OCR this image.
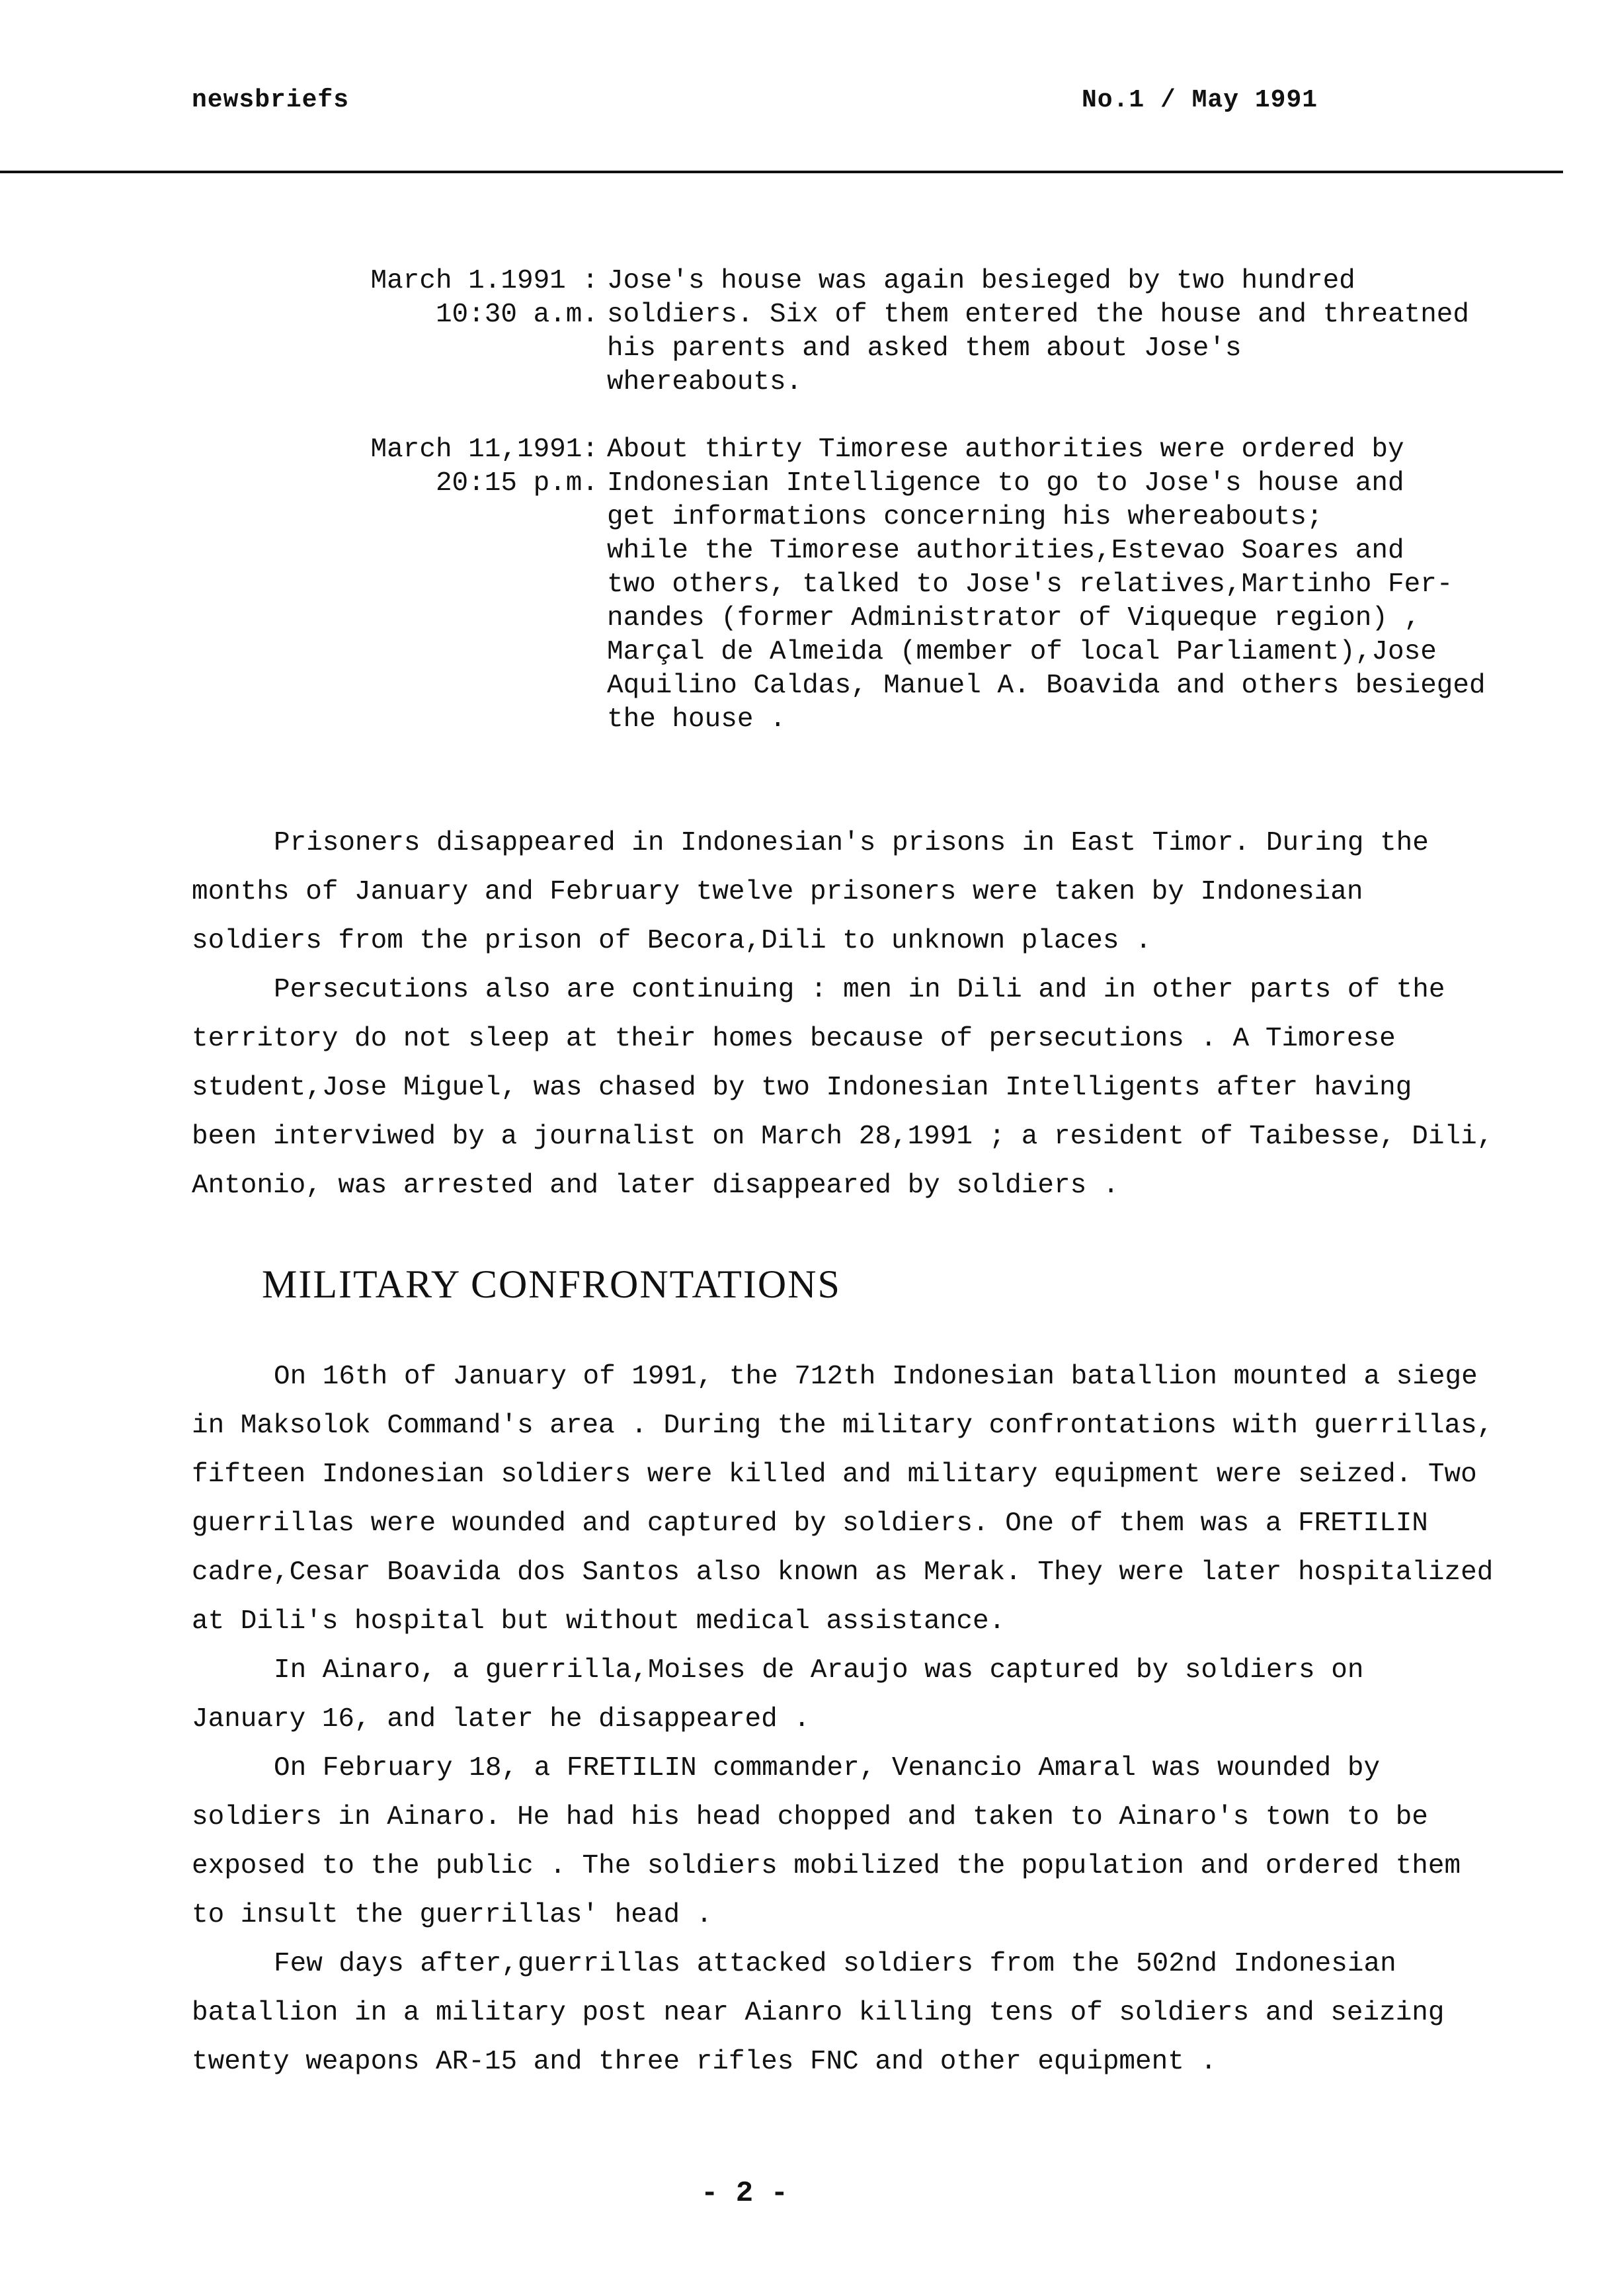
newsbriefs	No.1 / May 1991
March 1.1991 :
10:30 a.m.
Jose's house was again besieged by two hundred
soldiers. Six of them entered the house and threatned
his parents and asked them about Jose's
whereabouts.
March 11,1991:
20:15 p.m.
About thirty Timorese authorities were ordered by
Indonesian Intelligence to go to Jose's house and
get informations concerning his whereabouts;
while the Timorese authorities,Estevao Soares and
two others, talked to Jose's relatives,Martinho Fer-
nandes (former Administrator of Viqueque region) ,
Marçal de Almeida (member of local Parliament),Jose
Aquilino Caldas, Manuel A. Boavida and others besieged
the house .
Prisoners disappeared in Indonesian's prisons in East Timor. During the
months of January and February twelve prisoners were taken by Indonesian
soldiers from the prison of Becora,Dili to unknown places .
Persecutions also are continuing : men in Dili and in other parts of the
territory do not sleep at their homes because of persecutions . A Timorese
student,Jose Miguel, was chased by two Indonesian Intelligents after having
been interviwed by a journalist on March 28,1991 ; a resident of Taibesse, Dili,
Antonio, was arrested and later disappeared by soldiers .
MILITARY CONFRONTATIONS
On 16th of January of 1991, the 712th Indonesian batallion mounted a siege
in Maksolok Command's area . During the military confrontations with guerrillas,
fifteen Indonesian soldiers were killed and military equipment were seized. Two
guerrillas were wounded and captured by soldiers. One of them was a FRETILIN
cadre,Cesar Boavida dos Santos also known as Merak. They were later hospitalized
at Dili's hospital but without medical assistance.
In Ainaro, a guerrilla,Moises de Araujo was captured by soldiers on
January 16, and later he disappeared .
On February 18, a FRETILIN commander, Venancio Amaral was wounded by
soldiers in Ainaro. He had his head chopped and taken to Ainaro's town to be
exposed to the public . The soldiers mobilized the population and ordered them
to insult the guerrillas' head .
Few days after,guerrillas attacked soldiers from the 502nd Indonesian
batallion in a military post near Aianro killing tens of soldiers and seizing
twenty weapons AR-15 and three rifles FNC and other equipment .
- 2 -
